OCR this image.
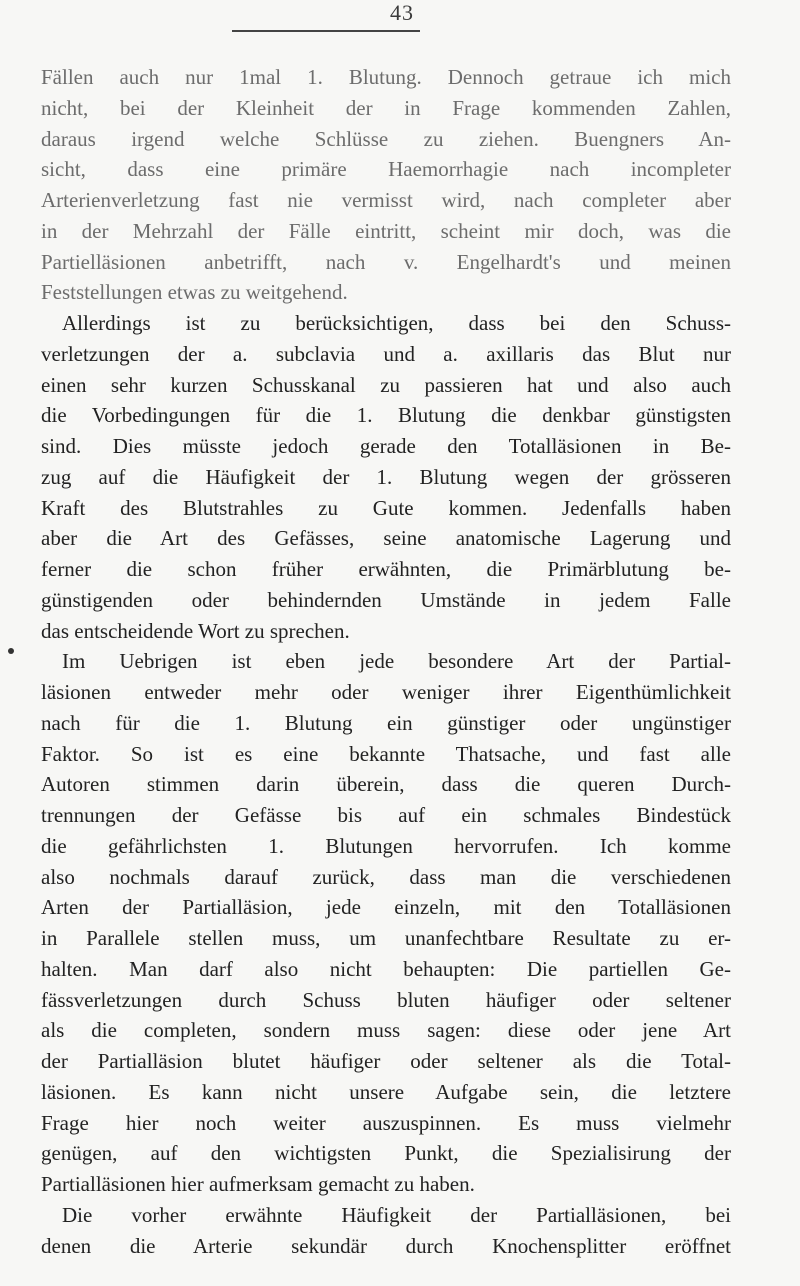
43
Fällen auch nur 1mal 1. Blutung. Dennoch getraue ich mich
nicht, bei der Kleinheit der in Frage kommenden Zahlen,
daraus irgend welche Schlüsse zu ziehen. Buengners An-
sicht, dass eine primäre Haemorrhagie nach incompleter
Arterienverletzung fast nie vermisst wird, nach completer aber
in der Mehrzahl der Fälle eintritt, scheint mir doch, was die
Partielläsionen anbetrifft, nach v. Engelhardt's und meinen
Feststellungen etwas zu weitgehend.
Allerdings ist zu berücksichtigen, dass bei den Schuss-
verletzungen der a. subclavia und a. axillaris das Blut nur
einen sehr kurzen Schusskanal zu passieren hat und also auch
die Vorbedingungen für die 1. Blutung die denkbar günstigsten
sind. Dies müsste jedoch gerade den Totalläsionen in Be-
zug auf die Häufigkeit der 1. Blutung wegen der grösseren
Kraft des Blutstrahles zu Gute kommen. Jedenfalls haben
aber die Art des Gefässes, seine anatomische Lagerung und
ferner die schon früher erwähnten, die Primärblutung be-
günstigenden oder behindernden Umstände in jedem Falle
das entscheidende Wort zu sprechen.
Im Uebrigen ist eben jede besondere Art der Partial-
läsionen entweder mehr oder weniger ihrer Eigenthümlichkeit
nach für die 1. Blutung ein günstiger oder ungünstiger
Faktor. So ist es eine bekannte Thatsache, und fast alle
Autoren stimmen darin überein, dass die queren Durch-
trennungen der Gefässe bis auf ein schmales Bindestück
die gefährlichsten 1. Blutungen hervorrufen. Ich komme
also nochmals darauf zurück, dass man die verschiedenen
Arten der Partialläsion, jede einzeln, mit den Totalläsionen
in Parallele stellen muss, um unanfechtbare Resultate zu er-
halten. Man darf also nicht behaupten: Die partiellen Ge-
fässverletzungen durch Schuss bluten häufiger oder seltener
als die completen, sondern muss sagen: diese oder jene Art
der Partialläsion blutet häufiger oder seltener als die Total-
läsionen. Es kann nicht unsere Aufgabe sein, die letztere
Frage hier noch weiter auszuspinnen. Es muss vielmehr
genügen, auf den wichtigsten Punkt, die Spezialisirung der
Partialläsionen hier aufmerksam gemacht zu haben.
Die vorher erwähnte Häufigkeit der Partialläsionen, bei
denen die Arterie sekundär durch Knochensplitter eröffnet
